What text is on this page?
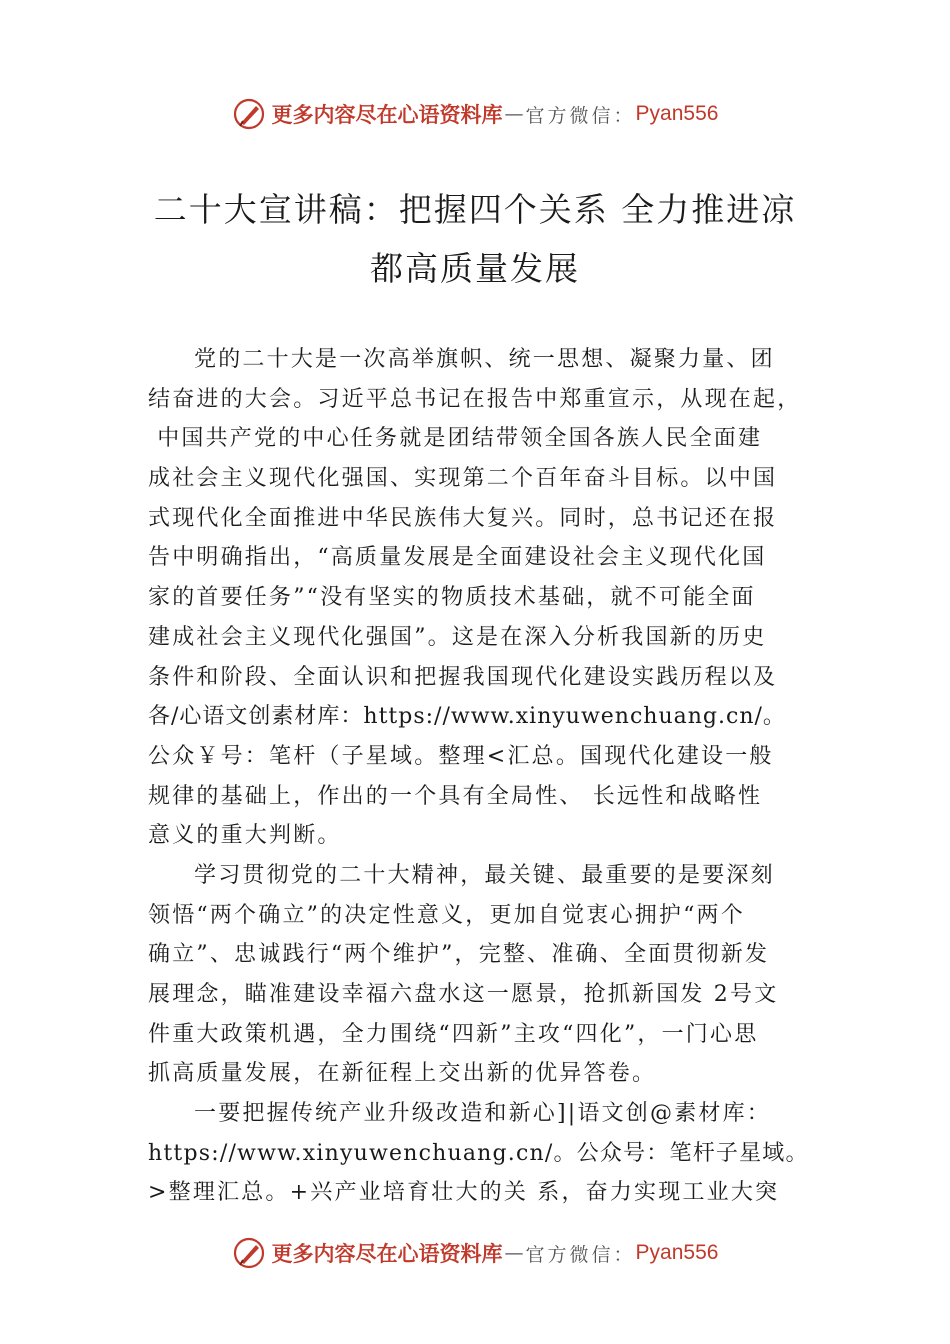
更多内容尽在心语资料库 — 官方微信： Pyan556
二十大宣讲稿：把握四个关系 全力推进凉
都高质量发展
党的二十大是一次高举旗帜、统一思想、凝聚力量、团
结奋进的大会。习近平总书记在报告中郑重宣示，从现在起，
中国共产党的中心任务就是团结带领全国各族人民全面建
成社会主义现代化强国、实现第二个百年奋斗目标。以中国
式现代化全面推进中华民族伟大复兴。同时，总书记还在报
告中明确指出，“高质量发展是全面建设社会主义现代化国
家的首要任务”“没有坚实的物质技术基础，就不可能全面
建成社会主义现代化强国”。这是在深入分析我国新的历史
条件和阶段、全面认识和把握我国现代化建设实践历程以及
各/心语文创素材库：https://www.xinyuwenchuang.cn/。
公众￥号：笔杆（子星域。整理<汇总。国现代化建设一般
规律的基础上，作出的一个具有全局性、 长远性和战略性
意义的重大判断。
学习贯彻党的二十大精神，最关键、最重要的是要深刻
领悟“两个确立”的决定性意义，更加自觉衷心拥护“两个
确立”、忠诚践行“两个维护”，完整、准确、全面贯彻新发
展理念，瞄准建设幸福六盘水这一愿景，抢抓新国发 2号文
件重大政策机遇，全力围绕“四新”主攻“四化”，一门心思
抓高质量发展，在新征程上交出新的优异答卷。
一要把握传统产业升级改造和新心]|语文创@素材库：
https://www.xinyuwenchuang.cn/。公众号：笔杆子星域。
>整理汇总。+兴产业培育壮大的关 系，奋力实现工业大突
更多内容尽在心语资料库 — 官方微信： Pyan556
